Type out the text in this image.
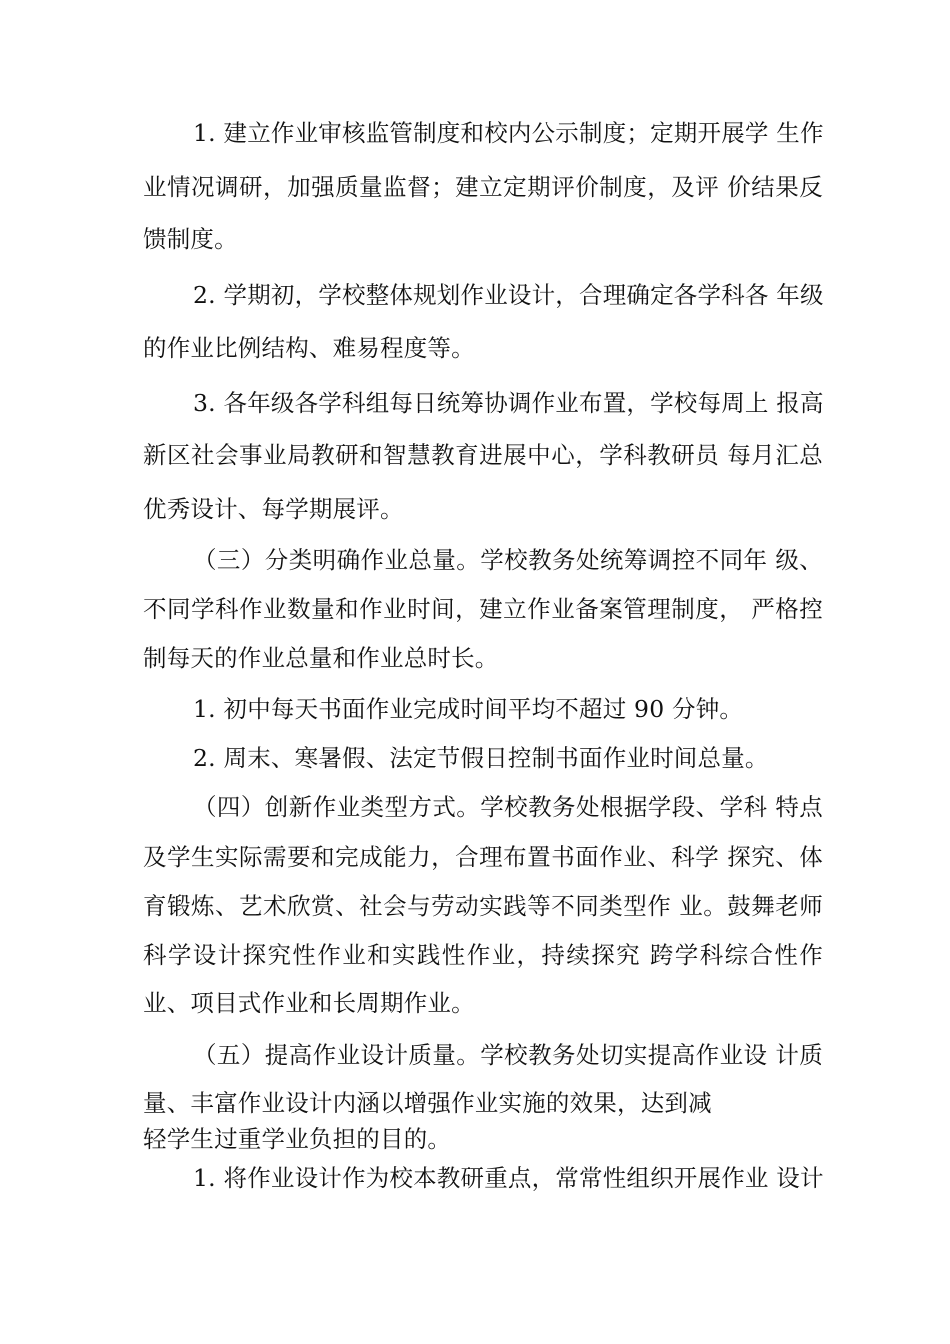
1. 建立作业审核监管制度和校内公示制度；定期开展学 生作
业情况调研，加强质量监督；建立定期评价制度，及评 价结果反
馈制度。
2. 学期初，学校整体规划作业设计，合理确定各学科各 年级
的作业比例结构、难易程度等。
3. 各年级各学科组每日统筹协调作业布置，学校每周上 报高
新区社会事业局教研和智慧教育进展中心，学科教研员 每月汇总
优秀设计、每学期展评。
（三）分类明确作业总量。学校教务处统筹调控不同年 级、
不同学科作业数量和作业时间，建立作业备案管理制度， 严格控
制每天的作业总量和作业总时长。
1. 初中每天书面作业完成时间平均不超过 90 分钟。
2. 周末、寒暑假、法定节假日控制书面作业时间总量。
（四）创新作业类型方式。学校教务处根据学段、学科 特点
及学生实际需要和完成能力，合理布置书面作业、科学 探究、体
育锻炼、艺术欣赏、社会与劳动实践等不同类型作 业。鼓舞老师
科学设计探究性作业和实践性作业，持续探究 跨学科综合性作
业、项目式作业和长周期作业。
（五）提高作业设计质量。学校教务处切实提高作业设 计质
量、丰富作业设计内涵以增强作业实施的效果，达到减
轻学生过重学业负担的目的。
1. 将作业设计作为校本教研重点，常常性组织开展作业 设计
